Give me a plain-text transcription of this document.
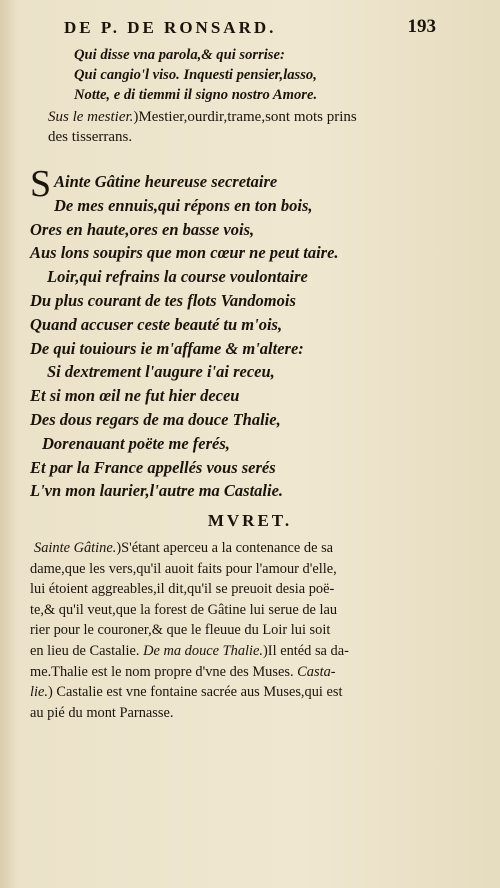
DE P. DE RONSARD.	193
Qui disse vna parola,& qui sorrise:
Qui cangio'l viso. Inquesti pensier,lasso,
Notte, e di tiemmi il signo nostro Amore.
Sus le mestier.)Mestier,ourdir,trame,sont mots prins
des tisserrans.
S Ainte Gâtine heureuse secretaire
De mes ennuis,qui répons en ton bois,
Ores en haute,ores en basse vois,
Aus lons soupirs que mon cœur ne peut taire.
Loir,qui refrains la course voulontaire
Du plus courant de tes flots Vandomois
Quand accuser ceste beauté tu m'ois,
De qui touiours ie m'affame & m'altere:
Si dextrement l'augure i'ai receu,
Et si mon œil ne fut hier deceu
Des dous regars de ma douce Thalie,
Dorenauant poëte me ferés,
Et par la France appellés vous serés
L'vn mon laurier,l'autre ma Castalie.
MVRET.
Sainte Gâtine.)S'étant aperceu a la contenance de sa
dame,que les vers,qu'il auoit faits pour l'amour d'elle,
lui étoient aggreables,il dit,qu'il se preuoit desia poë-
te,& qu'il veut,que la forest de Gâtine lui serue de lau
rier pour le couroner,& que le fleuue du Loir lui soit
en lieu de Castalie. De ma douce Thalie.)Il entéd sa da-
me.Thalie est le nom propre d'vne des Muses. Casta-
lie.) Castalie est vne fontaine sacrée aus Muses,qui est
au pié du mont Parnasse.
